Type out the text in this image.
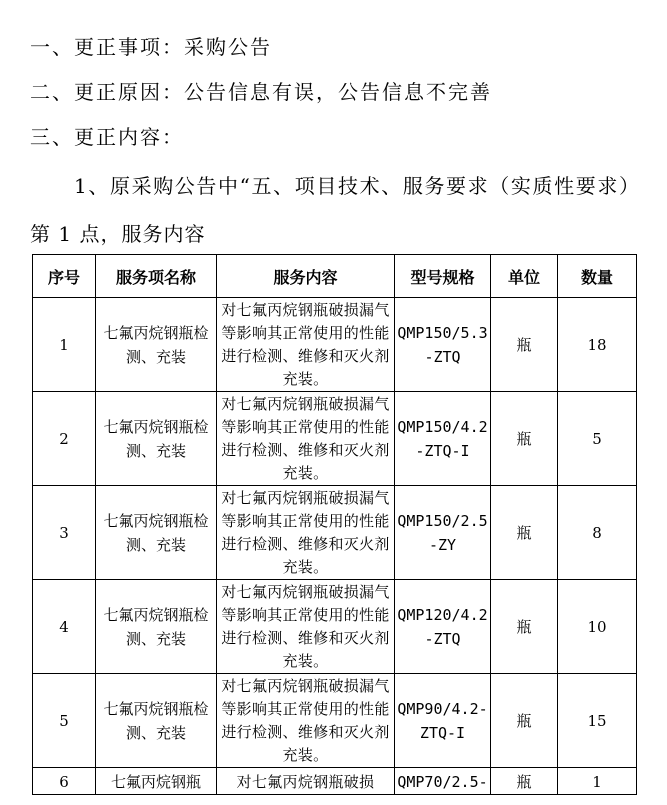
一、更正事项：采购公告
二、更正原因：公告信息有误，公告信息不完善
三、更正内容：
1、原采购公告中“五、项目技术、服务要求（实质性要求）第 1 点，服务内容
序号	服务项名称	服务内容	型号规格	单位	数量
1	七氟丙烷钢瓶检测、充装	对七氟丙烷钢瓶破损漏气等影响其正常使用的性能进行检测、维修和灭火剂充装。	QMP150/5.3-ZTQ	瓶	18
2	七氟丙烷钢瓶检测、充装	对七氟丙烷钢瓶破损漏气等影响其正常使用的性能进行检测、维修和灭火剂充装。	QMP150/4.2-ZTQ-I	瓶	5
3	七氟丙烷钢瓶检测、充装	对七氟丙烷钢瓶破损漏气等影响其正常使用的性能进行检测、维修和灭火剂充装。	QMP150/2.5-ZY	瓶	8
4	七氟丙烷钢瓶检测、充装	对七氟丙烷钢瓶破损漏气等影响其正常使用的性能进行检测、维修和灭火剂充装。	QMP120/4.2-ZTQ	瓶	10
5	七氟丙烷钢瓶检测、充装	对七氟丙烷钢瓶破损漏气等影响其正常使用的性能进行检测、维修和灭火剂充装。	QMP90/4.2-ZTQ-I	瓶	15
6	七氟丙烷钢瓶	对七氟丙烷钢瓶破损	QMP70/2.5-	瓶	1
